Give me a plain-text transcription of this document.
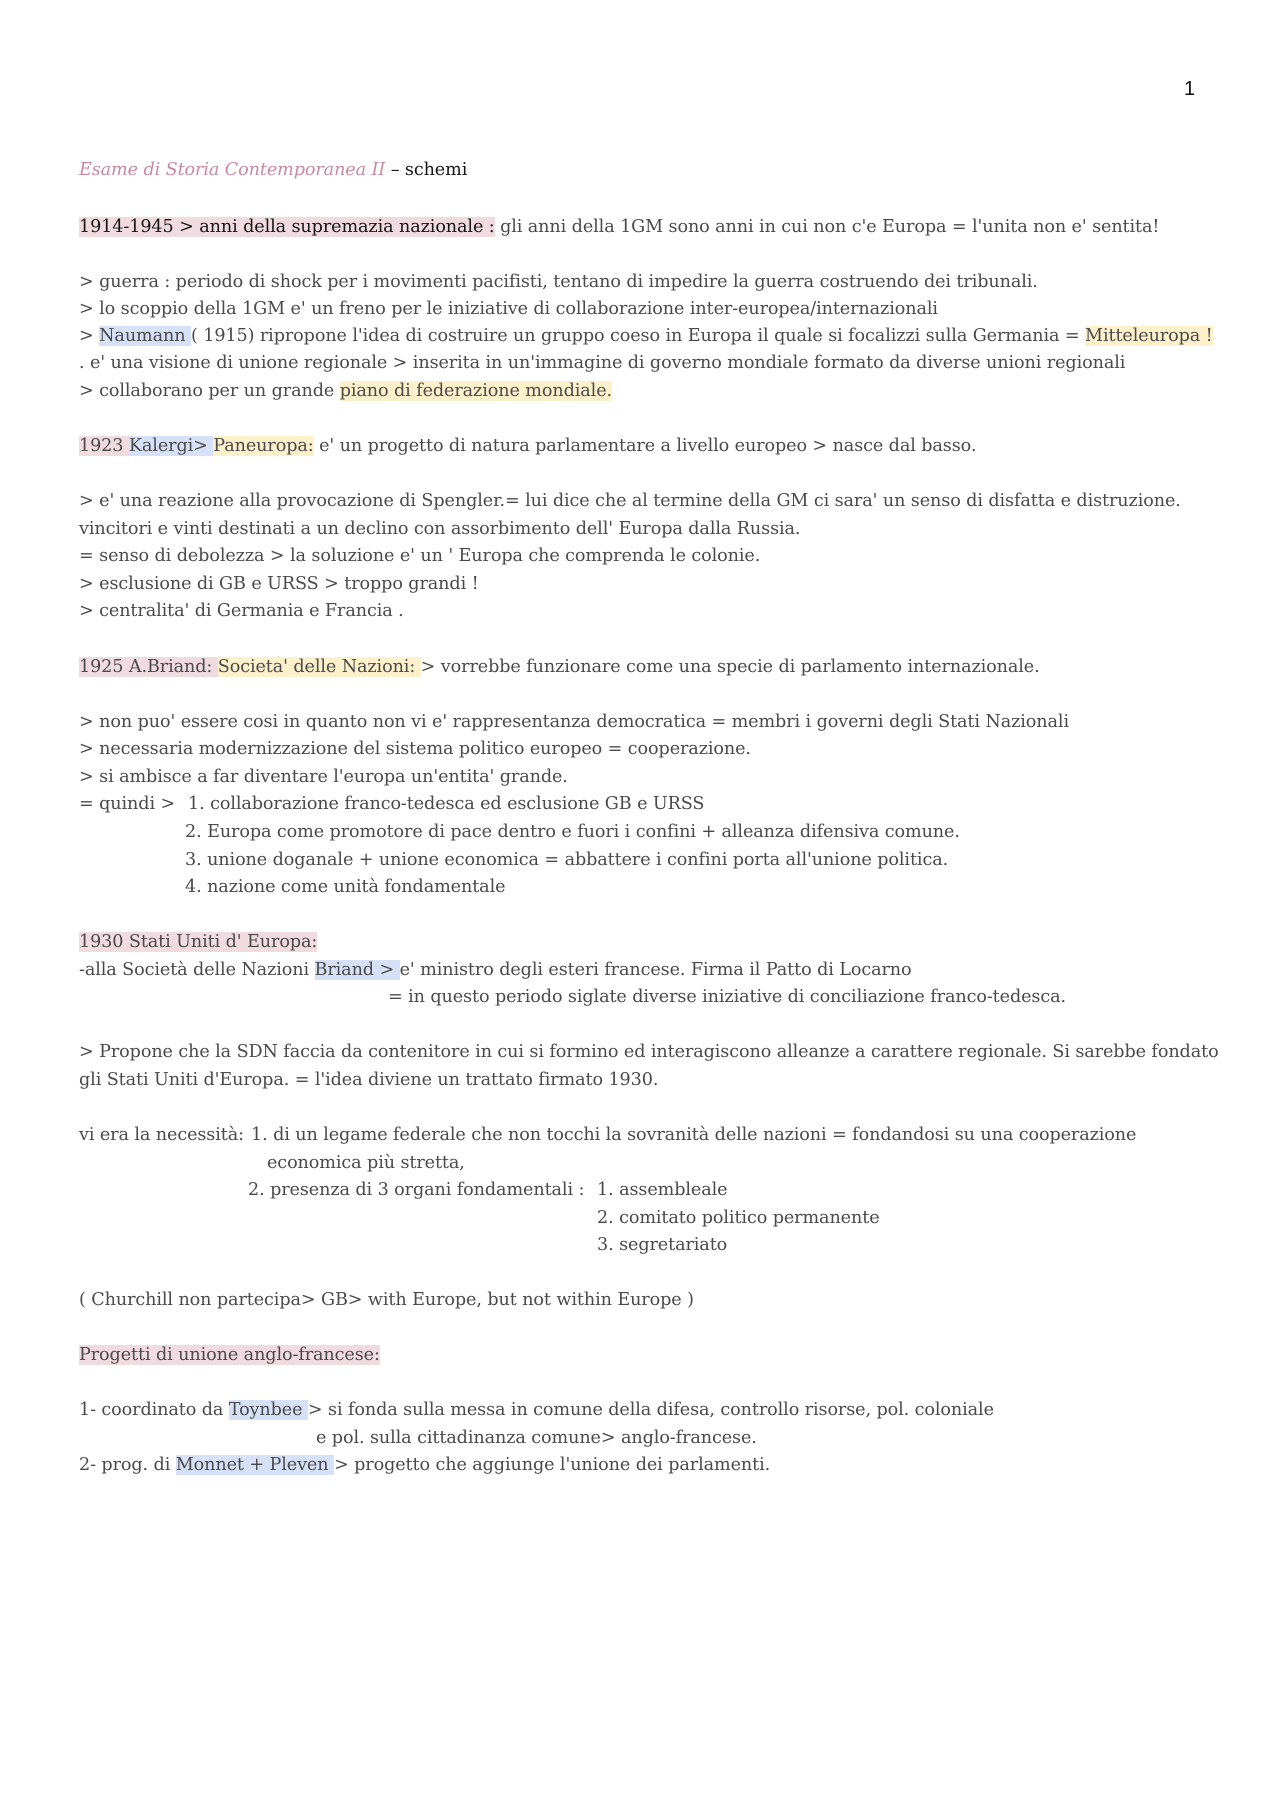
1
Esame di Storia Contemporanea II – schemi
1914-1945 > anni della supremazia nazionale : gli anni della 1GM sono anni in cui non c'e Europa = l'unita non e' sentita!
> guerra : periodo di shock per i movimenti pacifisti, tentano di impedire la guerra costruendo dei tribunali.
> lo scoppio della 1GM e' un freno per le iniziative di collaborazione inter-europea/internazionali
> Naumann ( 1915) ripropone l'idea di costruire un gruppo coeso in Europa il quale si focalizzi sulla Germania = Mitteleuropa !
. e' una visione di unione regionale > inserita in un'immagine di governo mondiale formato da diverse unioni regionali
> collaborano per un grande piano di federazione mondiale.
1923 Kalergi> Paneuropa: e' un progetto di natura parlamentare a livello europeo > nasce dal basso.
> e' una reazione alla provocazione di Spengler.= lui dice che al termine della GM ci sara' un senso di disfatta e distruzione.
vincitori e vinti destinati a un declino con assorbimento dell' Europa dalla Russia.
= senso di debolezza > la soluzione e' un ' Europa che comprenda le colonie.
> esclusione di GB e URSS > troppo grandi !
> centralita' di Germania e Francia .
1925 A.Briand: Societa' delle Nazioni: > vorrebbe funzionare come una specie di parlamento internazionale.
> non puo' essere cosi in quanto non vi e' rappresentanza democratica = membri i governi degli Stati Nazionali
> necessaria modernizzazione del sistema politico europeo = cooperazione.
> si ambisce a far diventare l'europa un'entita' grande.
= quindi > 1. collaborazione franco-tedesca ed esclusione GB e URSS
2. Europa come promotore di pace dentro e fuori i confini + alleanza difensiva comune.
3. unione doganale + unione economica = abbattere i confini porta all'unione politica.
4. nazione come unità fondamentale
1930 Stati Uniti d' Europa:
-alla Società delle Nazioni Briand > e' ministro degli esteri francese. Firma il Patto di Locarno
= in questo periodo siglate diverse iniziative di conciliazione franco-tedesca.
> Propone che la SDN faccia da contenitore in cui si formino ed interagiscono alleanze a carattere regionale. Si sarebbe fondato
gli Stati Uniti d'Europa. = l'idea diviene un trattato firmato 1930.
vi era la necessità: 1. di un legame federale che non tocchi la sovranità delle nazioni = fondandosi su una cooperazione
economica più stretta,
2. presenza di 3 organi fondamentali : 1. assembleale
2. comitato politico permanente
3. segretariato
( Churchill non partecipa> GB> with Europe, but not within Europe )
Progetti di unione anglo-francese:
1- coordinato da Toynbee > si fonda sulla messa in comune della difesa, controllo risorse, pol. coloniale
e pol. sulla cittadinanza comune> anglo-francese.
2- prog. di Monnet + Pleven > progetto che aggiunge l'unione dei parlamenti.
